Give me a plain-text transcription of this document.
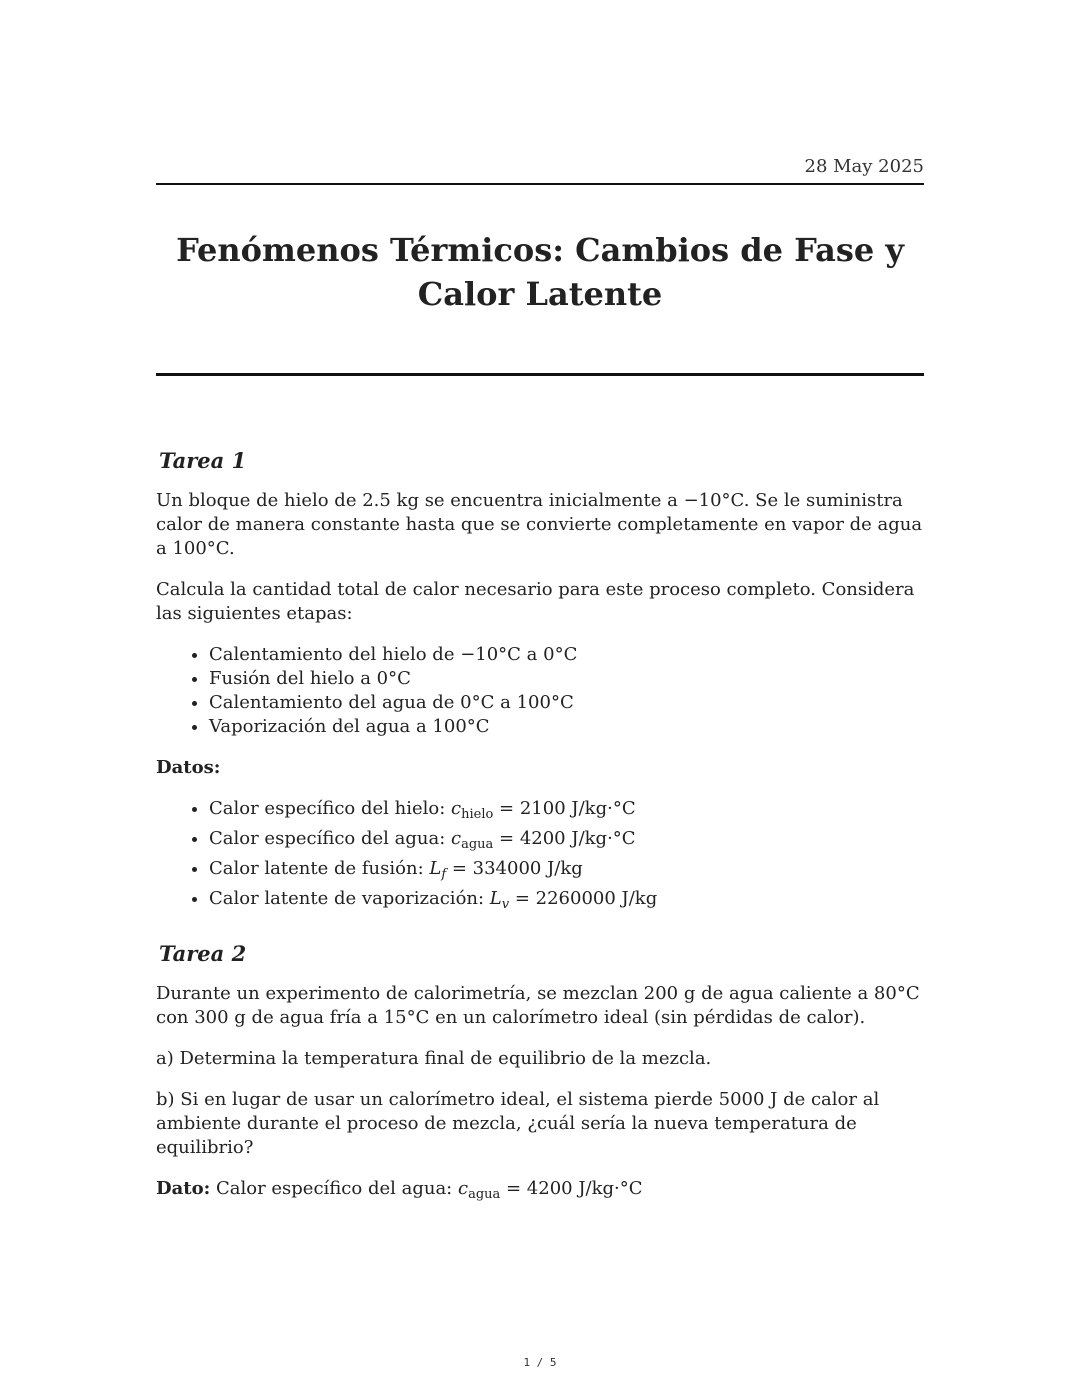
28 May 2025
Fenómenos Térmicos: Cambios de Fase y Calor Latente
Tarea 1

Un bloque de hielo de 2.5 kg se encuentra inicialmente a −10°C. Se le suministra calor de manera constante hasta que se convierte completamente en vapor de agua a 100°C.

Calcula la cantidad total de calor necesario para este proceso completo. Considera las siguientes etapas:

• Calentamiento del hielo de −10°C a 0°C
• Fusión del hielo a 0°C
• Calentamiento del agua de 0°C a 100°C
• Vaporización del agua a 100°C

Datos:

• Calor específico del hielo: $c_{hielo} = 2100$ J/kg·°C
• Calor específico del agua: $c_{agua} = 4200$ J/kg·°C
• Calor latente de fusión: $L_f = 334000$ J/kg
• Calor latente de vaporización: $L_v = 2260000$ J/kg
Tarea 2

Durante un experimento de calorimetría, se mezclan 200 g de agua caliente a 80°C con 300 g de agua fría a 15°C en un calorímetro ideal (sin pérdidas de calor).

a) Determina la temperatura final de equilibrio de la mezcla.

b) Si en lugar de usar un calorímetro ideal, el sistema pierde 5000 J de calor al ambiente durante el proceso de mezcla, ¿cuál sería la nueva temperatura de equilibrio?

Dato: Calor específico del agua: $c_{agua} = 4200$ J/kg·°C

1 / 5
